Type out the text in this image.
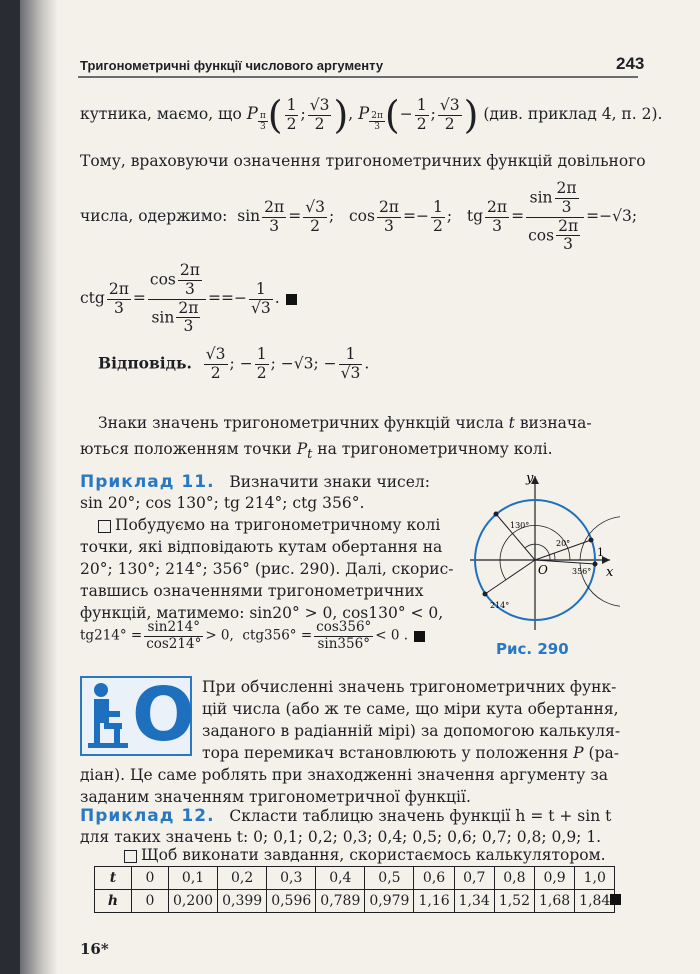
Тригонометричні функції числового аргументу	243
кутника, маємо, що P $\frac{\pi}{3}$ ( $\frac{1}{2}$ ; $\frac{√3}{2}$ ), P $\frac{2\pi}{3}$ (− $\frac{1}{2}$ ; $\frac{√3}{2}$ ) (див. приклад 4, п. 2).
Тому, враховуючи означення тригонометричних функцій довільного
числа, одержимо: $\sin \frac{2\pi}{3} = \frac{√3}{2}$ ; $\cos \frac{2\pi}{3} =- \frac{1}{2}$ ; tg $\frac{2\pi}{3} = \frac{\sin \frac{2\pi}{3}}{\cos \frac{2\pi}{3}} =-√3$;
ctg $\frac{2\pi}{3} = \frac{\cos \frac{2\pi}{3}}{\sin \frac{2\pi}{3}}$ ==− $\frac{1}{√3}$ .
Відповідь. $\frac{√3}{2}$ ; − $\frac{1}{2}$ ; −√3; − $\frac{1}{√3}$ .
Знаки значень тригонометричних функцій числа t визнача-
ються положенням точки $P_t$ на тригонометричному колі.
Приклад 11. Визначити знаки чисел:
sin 20°; cos 130°; tg 214°; ctg 356°.
Побудуємо на тригонометричному колі
точки, які відповідають кутам обертання на
20°; 130°; 214°; 356° (рис. 290). Далі, скорис-
тавшись означеннями тригонометричних
функцій, матимемо: sin20° > 0, cos130° < 0,
$tg214^\circ = \frac{\sin 214^\circ}{\cos 214^\circ} > 0$, $ctg356^\circ = \frac{\cos 356^\circ}{\sin 356^\circ} < 0$ .
y
x
O
1
130°
20°
214°
356°
Рис. 290
O При обчисленні значень тригонометричних функ-
цій числа (або ж те саме, що міри кута обертання,
заданого в радіанній мірі) за допомогою калькуля-
тора перемикач встановлюють у положення P (ра-
діан). Це саме роблять при знаходженні значення аргументу за
заданим значенням тригонометричної функції.
Приклад 12. Скласти таблицю значень функції h = t + sin t
для таких значень t: 0; 0,1; 0,2; 0,3; 0,4; 0,5; 0,6; 0,7; 0,8; 0,9; 1.
Щоб виконати завдання, скористаємось калькулятором.
t	0	0,1	0,2	0,3	0,4	0,5	0,6	0,7	0,8	0,9	1,0
h	0	0,200	0,399	0,596	0,789	0,979	1,16	1,34	1,52	1,68	1,84
16*
